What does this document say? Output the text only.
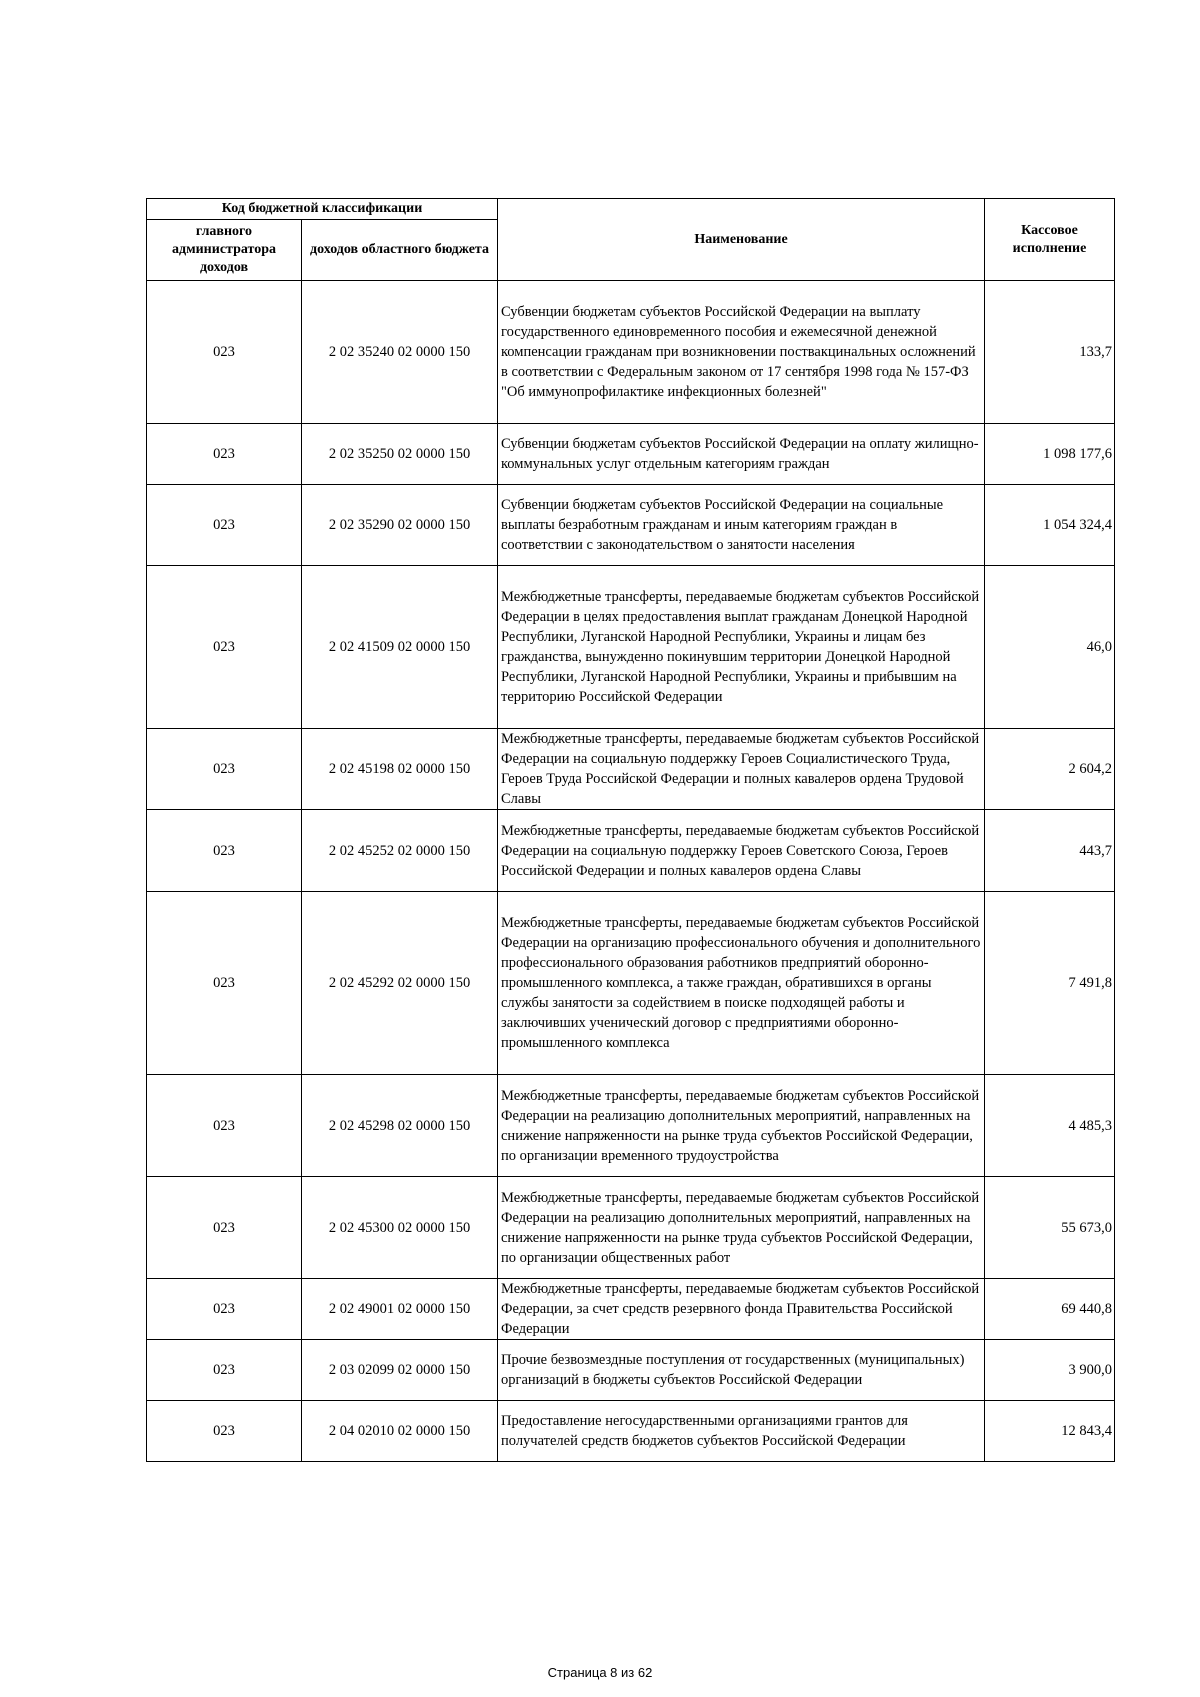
Код бюджетной классификации		Наименование	Кассовое исполнение
главного администратора доходов	доходов областного бюджета		
023	2 02 35240 02 0000 150	Субвенции бюджетам субъектов Российской Федерации на выплату государственного единовременного пособия и ежемесячной денежной компенсации гражданам при возникновении поствакцинальных осложнений в соответствии с Федеральным законом от 17 сентября 1998 года № 157-ФЗ "Об иммунопрофилактике инфекционных болезней"	133,7
023	2 02 35250 02 0000 150	Субвенции бюджетам субъектов Российской Федерации на оплату жилищно-коммунальных услуг отдельным категориям граждан	1 098 177,6
023	2 02 35290 02 0000 150	Субвенции бюджетам субъектов Российской Федерации на социальные выплаты безработным гражданам и иным категориям граждан в соответствии с законодательством о занятости населения	1 054 324,4
023	2 02 41509 02 0000 150	Межбюджетные трансферты, передаваемые бюджетам субъектов Российской Федерации в целях предоставления выплат гражданам Донецкой Народной Республики, Луганской Народной Республики, Украины и лицам без гражданства, вынужденно покинувшим территории Донецкой Народной Республики, Луганской Народной Республики, Украины и прибывшим на территорию Российской Федерации	46,0
023	2 02 45198 02 0000 150	Межбюджетные трансферты, передаваемые бюджетам субъектов Российской Федерации на социальную поддержку Героев Социалистического Труда, Героев Труда Российской Федерации и полных кавалеров ордена Трудовой Славы	2 604,2
023	2 02 45252 02 0000 150	Межбюджетные трансферты, передаваемые бюджетам субъектов Российской Федерации на социальную поддержку Героев Советского Союза, Героев Российской Федерации и полных кавалеров ордена Славы	443,7
023	2 02 45292 02 0000 150	Межбюджетные трансферты, передаваемые бюджетам субъектов Российской Федерации на организацию профессионального обучения и дополнительного профессионального образования работников предприятий оборонно-промышленного комплекса, а также граждан, обратившихся в органы службы занятости за содействием в поиске подходящей работы и заключивших ученический договор с предприятиями оборонно-промышленного комплекса	7 491,8
023	2 02 45298 02 0000 150	Межбюджетные трансферты, передаваемые бюджетам субъектов Российской Федерации на реализацию дополнительных мероприятий, направленных на снижение напряженности на рынке труда субъектов Российской Федерации, по организации временного трудоустройства	4 485,3
023	2 02 45300 02 0000 150	Межбюджетные трансферты, передаваемые бюджетам субъектов Российской Федерации на реализацию дополнительных мероприятий, направленных на снижение напряженности на рынке труда субъектов Российской Федерации, по организации общественных работ	55 673,0
023	2 02 49001 02 0000 150	Межбюджетные трансферты, передаваемые бюджетам субъектов Российской Федерации, за счет средств резервного фонда Правительства Российской Федерации	69 440,8
023	2 03 02099 02 0000 150	Прочие безвозмездные поступления от государственных (муниципальных) организаций в бюджеты субъектов Российской Федерации	3 900,0
023	2 04 02010 02 0000 150	Предоставление негосударственными организациями грантов для получателей средств бюджетов субъектов Российской Федерации	12 843,4
Страница 8 из 62
